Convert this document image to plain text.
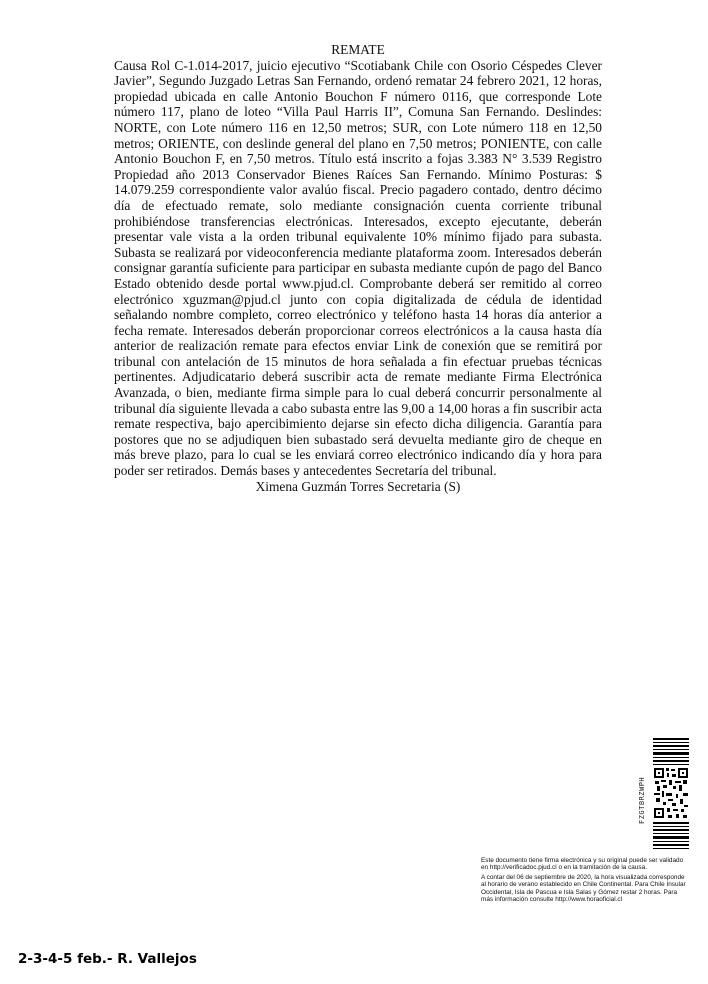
REMATE

Causa Rol C-1.014-2017, juicio ejecutivo “Scotiabank Chile con Osorio Céspedes Clever Javier”, Segundo Juzgado Letras San Fernando, ordenó rematar 24 febrero 2021, 12 horas, propiedad ubicada en calle Antonio Bouchon F número 0116, que corresponde Lote número 117, plano de loteo “Villa Paul Harris II”, Comuna San Fernando. Deslindes: NORTE, con Lote número 116 en 12,50 metros; SUR, con Lote número 118 en 12,50 metros; ORIENTE, con deslinde general del plano en 7,50 metros; PONIENTE, con calle Antonio Bouchon F, en 7,50 metros. Título está inscrito a fojas 3.383 N° 3.539 Registro Propiedad año 2013 Conservador Bienes Raíces San Fernando. Mínimo Posturas: $ 14.079.259 correspondiente valor avalúo fiscal. Precio pagadero contado, dentro décimo día de efectuado remate, solo mediante consignación cuenta corriente tribunal prohibiéndose transferencias electrónicas. Interesados, excepto ejecutante, deberán presentar vale vista a la orden tribunal equivalente 10% mínimo fijado para subasta. Subasta se realizará por videoconferencia mediante plataforma zoom. Interesados deberán consignar garantía suficiente para participar en subasta mediante cupón de pago del Banco Estado obtenido desde portal www.pjud.cl. Comprobante deberá ser remitido al correo electrónico xguzman@pjud.cl junto con copia digitalizada de cédula de identidad señalando nombre completo, correo electrónico y teléfono hasta 14 horas día anterior a fecha remate. Interesados deberán proporcionar correos electrónicos a la causa hasta día anterior de realización remate para efectos enviar Link de conexión que se remitirá por tribunal con antelación de 15 minutos de hora señalada a fin efectuar pruebas técnicas pertinentes. Adjudicatario deberá suscribir acta de remate mediante Firma Electrónica Avanzada, o bien, mediante firma simple para lo cual deberá concurrir personalmente al tribunal día siguiente llevada a cabo subasta entre las 9,00 a 14,00 horas a fin suscribir acta remate respectiva, bajo apercibimiento dejarse sin efecto dicha diligencia. Garantía para postores que no se adjudiquen bien subastado será devuelta mediante giro de cheque en más breve plazo, para lo cual se les enviará correo electrónico indicando día y hora para poder ser retirados. Demás bases y antecedentes Secretaría del tribunal.

Ximena Guzmán Torres Secretaria (S)

FZGTBRZWPH

Este documento tiene firma electrónica y su original puede ser validado en http://verificadoc.pjud.cl o en la tramitación de la causa.

A contar del 06 de septiembre de 2020, la hora visualizada corresponde al horario de verano establecido en Chile Continental. Para Chile Insular Occidental, Isla de Pascua e Isla Salas y Gómez restar 2 horas. Para más información consulte http://www.horaoficial.cl

2-3-4-5 feb.- R. Vallejos
